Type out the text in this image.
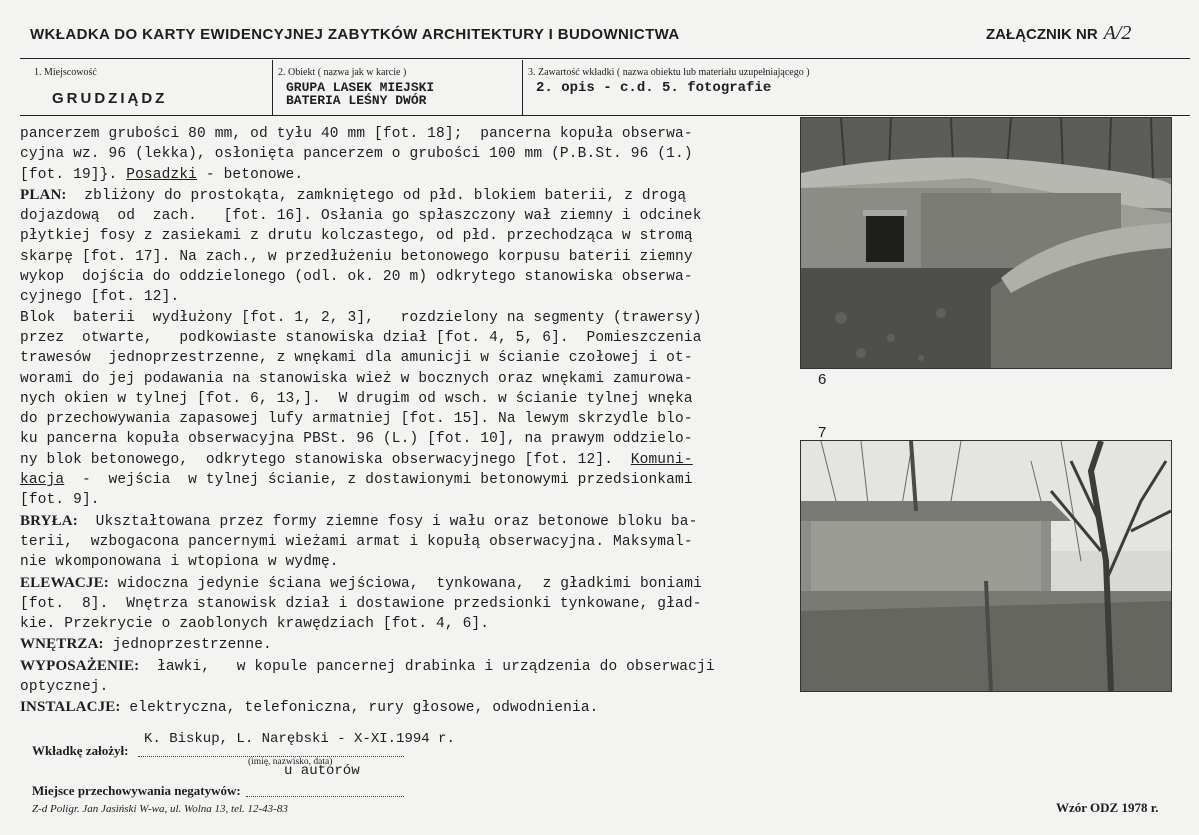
WKŁADKA DO KARTY EWIDENCYJNEJ ZABYTKÓW ARCHITEKTURY I BUDOWNICTWA	ZAŁĄCZNIK NR A/2
1. Miejscowość
GRUDZIĄDZ
2. Obiekt ( nazwa jak w karcie )
GRUPA LASEK MIEJSKI
BATERIA LEŚNY DWÓR
3. Zawartość wkładki ( nazwa obiektu lub materiału uzupełniającego )
2. opis - c.d. 5. fotografie
pancerzem grubości 80 mm, od tyłu 40 mm [fot. 18];  pancerna kopuła obserwa-
cyjna wz. 96 (lekka), osłonięta pancerzem o grubości 100 mm (P.B.St. 96 (1.)
[fot. 19]}. Posadzki - betonowe.
PLAN:  zbliżony do prostokąta, zamkniętego od płd. blokiem baterii, z drogą
dojazdową  od  zach.   [fot. 16]. Osłania go spłaszczony wał ziemny i odcinek
płytkiej fosy z zasiekami z drutu kolczastego, od płd. przechodząca w stromą
skarpę [fot. 17]. Na zach., w przedłużeniu betonowego korpusu baterii ziemny
wykop  dojścia do oddzielonego (odl. ok. 20 m) odkrytego stanowiska obserwa-
cyjnego [fot. 12].
Blok  baterii  wydłużony [fot. 1, 2, 3],   rozdzielony na segmenty (trawersy)
przez  otwarte,   podkowiaste stanowiska dział [fot. 4, 5, 6].  Pomieszczenia
trawesów  jednoprzestrzenne, z wnękami dla amunicji w ścianie czołowej i ot-
worami do jej podawania na stanowiska wież w bocznych oraz wnękami zamurowa-
nych okien w tylnej [fot. 6, 13,].  W drugim od wsch. w ścianie tylnej wnęka
do przechowywania zapasowej lufy armatniej [fot. 15]. Na lewym skrzydle blo-
ku pancerna kopuła obserwacyjna PBSt. 96 (L.) [fot. 10], na prawym oddzielo-
ny blok betonowego,  odkrytego stanowiska obserwacyjnego [fot. 12].  Komuni-
kacja  -  wejścia  w tylnej ścianie, z dostawionymi betonowymi przedsionkami
[fot. 9].
BRYŁA:  Ukształtowana przez formy ziemne fosy i wału oraz betonowe bloku ba-
terii,  wzbogacona pancernymi wieżami armat i kopułą obserwacyjna. Maksymal-
nie wkomponowana i wtopiona w wydmę.
ELEWACJE: widoczna jedynie ściana wejściowa,  tynkowana,  z gładkimi boniami
[fot.  8].  Wnętrza stanowisk dział i dostawione przedsionki tynkowane, gład-
kie. Przekrycie o zaoblonych krawędziach [fot. 4, 6].
WNĘTRZA: jednoprzestrzenne.
WYPOSAŻENIE:  ławki,   w kopule pancernej drabinka i urządzenia do obserwacji
optycznej.
INSTALACJE: elektryczna, telefoniczna, rury głosowe, odwodnienia.
6
7
K. Biskup, L. Narębski - X-XI.1994 r.
Wkładkę założył:
(imię, nazwisko, data)
u autorów
Miejsce przechowywania negatywów:
Z-d Poligr. Jan Jasiński W-wa, ul. Wolna 13, tel. 12-43-83	Wzór ODZ 1978 r.
